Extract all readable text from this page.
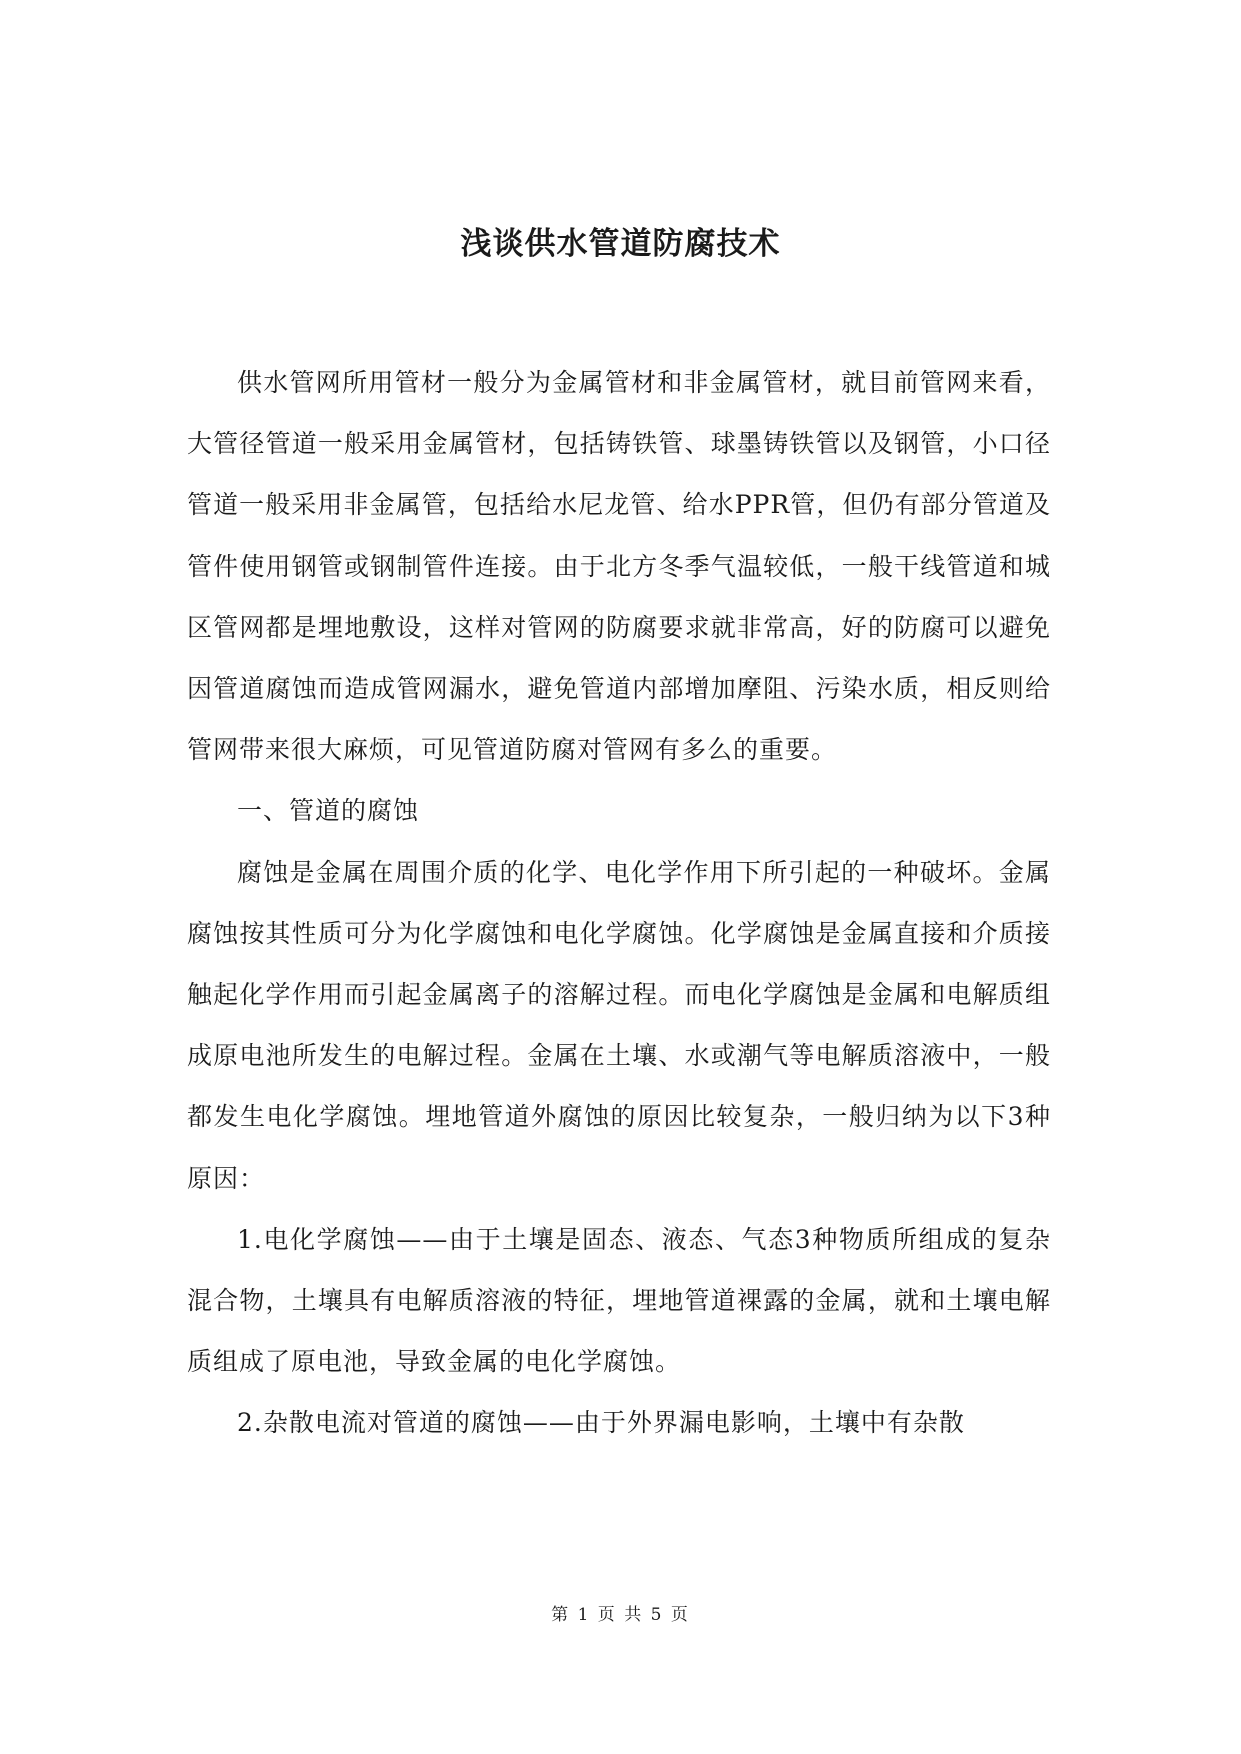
浅谈供水管道防腐技术

供水管网所用管材一般分为金属管材和非金属管材，就目前管网来看，大管径管道一般采用金属管材，包括铸铁管、球墨铸铁管以及钢管，小口径管道一般采用非金属管，包括给水尼龙管、给水PPR管，但仍有部分管道及管件使用钢管或钢制管件连接。由于北方冬季气温较低，一般干线管道和城区管网都是埋地敷设，这样对管网的防腐要求就非常高，好的防腐可以避免因管道腐蚀而造成管网漏水，避免管道内部增加摩阻、污染水质，相反则给管网带来很大麻烦，可见管道防腐对管网有多么的重要。

一、管道的腐蚀

腐蚀是金属在周围介质的化学、电化学作用下所引起的一种破坏。金属腐蚀按其性质可分为化学腐蚀和电化学腐蚀。化学腐蚀是金属直接和介质接触起化学作用而引起金属离子的溶解过程。而电化学腐蚀是金属和电解质组成原电池所发生的电解过程。金属在土壤、水或潮气等电解质溶液中，一般都发生电化学腐蚀。埋地管道外腐蚀的原因比较复杂，一般归纳为以下3种原因：

1.电化学腐蚀——由于土壤是固态、液态、气态3种物质所组成的复杂混合物，土壤具有电解质溶液的特征，埋地管道裸露的金属，就和土壤电解质组成了原电池，导致金属的电化学腐蚀。

2.杂散电流对管道的腐蚀——由于外界漏电影响，土壤中有杂散

第 1 页 共 5 页
